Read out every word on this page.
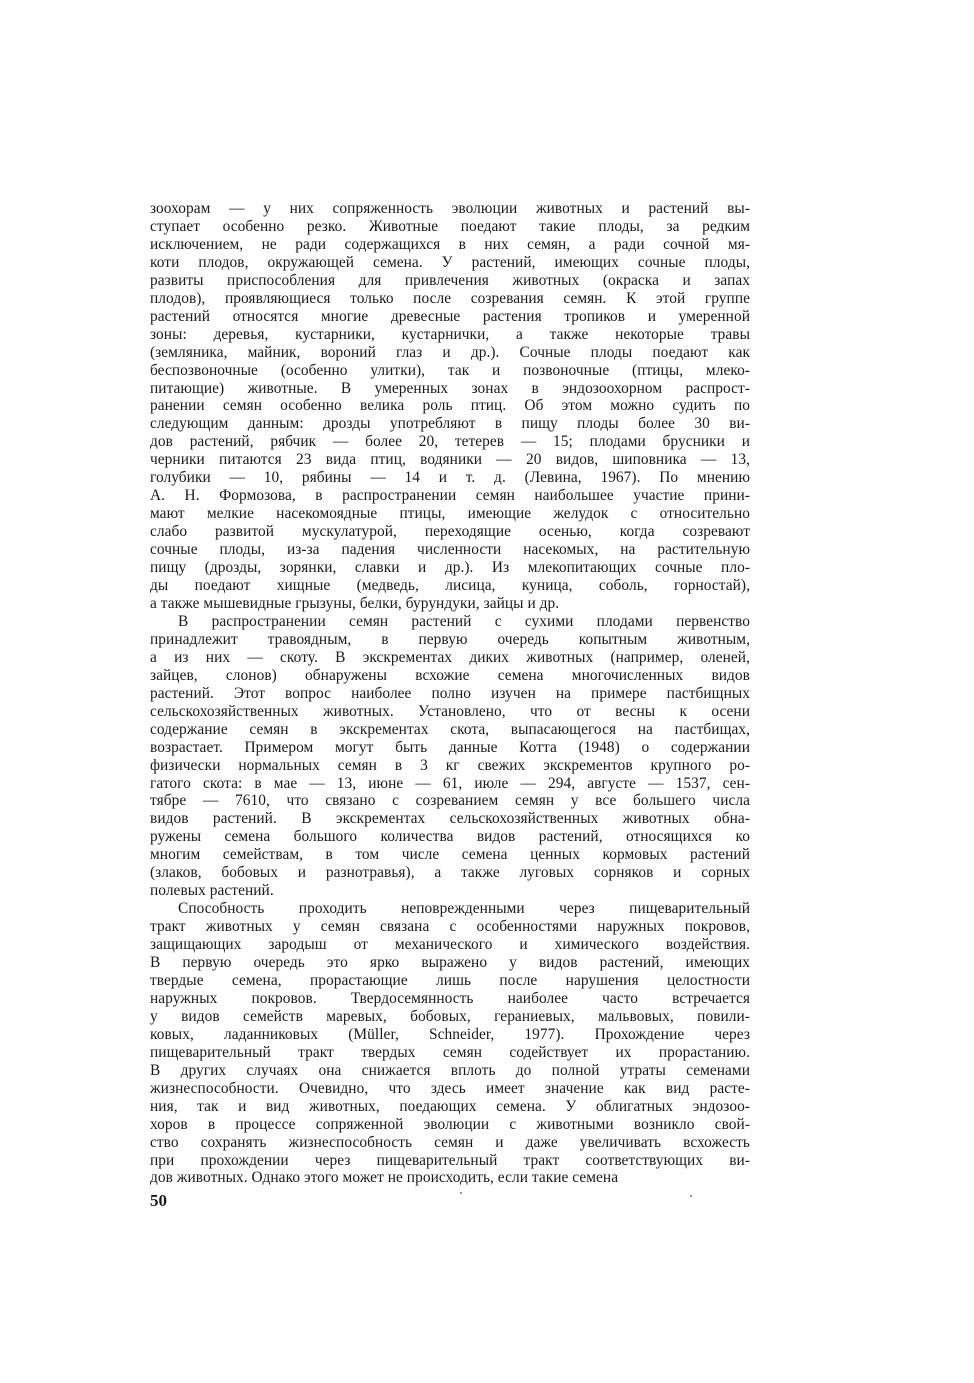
зоохорам — у них сопряженность эволюции животных и растений вы-
ступает особенно резко. Животные поедают такие плоды, за редким
исключением, не ради содержащихся в них семян, а ради сочной мя-
коти плодов, окружающей семена. У растений, имеющих сочные плоды,
развиты приспособления для привлечения животных (окраска и запах
плодов), проявляющиеся только после созревания семян. К этой группе
растений относятся многие древесные растения тропиков и умеренной
зоны: деревья, кустарники, кустарнички, а также некоторые травы
(земляника, майник, вороний глаз и др.). Сочные плоды поедают как
беспозвоночные (особенно улитки), так и позвоночные (птицы, млеко-
питающие) животные. В умеренных зонах в эндозоохорном распрост-
ранении семян особенно велика роль птиц. Об этом можно судить по
следующим данным: дрозды употребляют в пищу плоды более 30 ви-
дов растений, рябчик — более 20, тетерев — 15; плодами брусники и
черники питаются 23 вида птиц, водяники — 20 видов, шиповника — 13,
голубики — 10, рябины — 14 и т. д. (Левина, 1967). По мнению
А. Н. Формозова, в распространении семян наибольшее участие прини-
мают мелкие насекомоядные птицы, имеющие желудок с относительно
слабо развитой мускулатурой, переходящие осенью, когда созревают
сочные плоды, из-за падения численности насекомых, на растительную
пищу (дрозды, зорянки, славки и др.). Из млекопитающих сочные пло-
ды поедают хищные (медведь, лисица, куница, соболь, горностай),
а также мышевидные грызуны, белки, бурундуки, зайцы и др.
В распространении семян растений с сухими плодами первенство
принадлежит травоядным, в первую очередь копытным животным,
а из них — скоту. В экскрементах диких животных (например, оленей,
зайцев, слонов) обнаружены всхожие семена многочисленных видов
растений. Этот вопрос наиболее полно изучен на примере пастбищных
сельскохозяйственных животных. Установлено, что от весны к осени
содержание семян в экскрементах скота, выпасающегося на пастбищах,
возрастает. Примером могут быть данные Котта (1948) о содержании
физически нормальных семян в 3 кг свежих экскрементов крупного ро-
гатого скота: в мае — 13, июне — 61, июле — 294, августе — 1537, сен-
тябре — 7610, что связано с созреванием семян у все большего числа
видов растений. В экскрементах сельскохозяйственных животных обна-
ружены семена большого количества видов растений, относящихся ко
многим семействам, в том числе семена ценных кормовых растений
(злаков, бобовых и разнотравья), а также луговых сорняков и сорных
полевых растений.
Способность проходить неповрежденными через пищеварительный
тракт животных у семян связана с особенностями наружных покровов,
защищающих зародыш от механического и химического воздействия.
В первую очередь это ярко выражено у видов растений, имеющих
твердые семена, прорастающие лишь после нарушения целостности
наружных покровов. Твердосемянность наиболее часто встречается
у видов семейств маревых, бобовых, гераниевых, мальвовых, повили-
ковых, ладанниковых (Müller, Schneider, 1977). Прохождение через
пищеварительный тракт твердых семян содействует их прорастанию.
В других случаях она снижается вплоть до полной утраты семенами
жизнеспособности. Очевидно, что здесь имеет значение как вид расте-
ния, так и вид животных, поедающих семена. У облигатных эндозоо-
хоров в процессе сопряженной эволюции с животными возникло свой-
ство сохранять жизнеспособность семян и даже увеличивать всхожесть
при прохождении через пищеварительный тракт соответствующих ви-
дов животных. Однако этого может не происходить, если такие семена
50
